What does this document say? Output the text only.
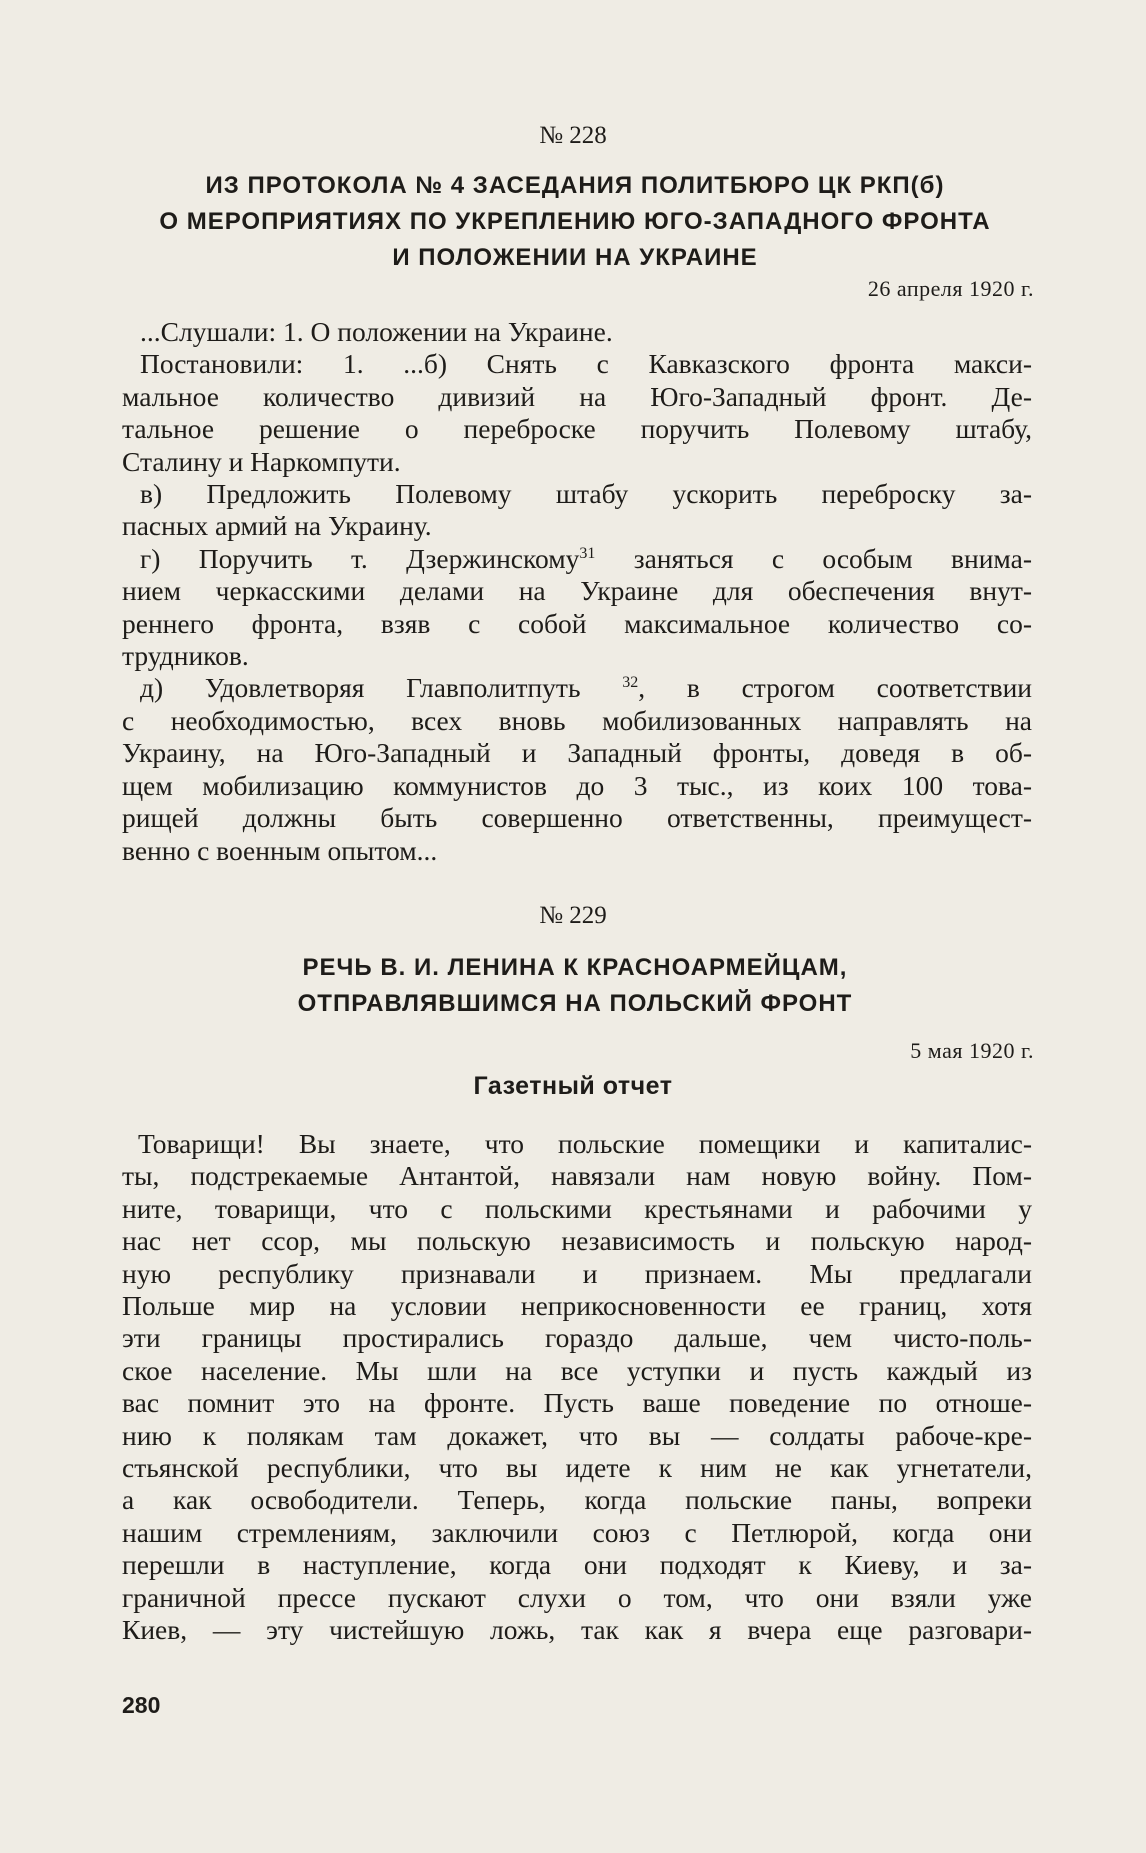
№ 228
ИЗ ПРОТОКОЛА № 4 ЗАСЕДАНИЯ ПОЛИТБЮРО ЦК РКП(б)
О МЕРОПРИЯТИЯХ ПО УКРЕПЛЕНИЮ ЮГО-ЗАПАДНОГО ФРОНТА
И ПОЛОЖЕНИИ НА УКРАИНЕ
26 апреля 1920 г.
...Слушали: 1. О положении на Украине.
Постановили: 1. ...б) Снять с Кавказского фронта макси-
мальное количество дивизий на Юго-Западный фронт. Де-
тальное решение о переброске поручить Полевому штабу,
Сталину и Наркомпути.
в) Предложить Полевому штабу ускорить переброску за-
пасных армий на Украину.
г) Поручить т. Дзержинскому$^{31}$ заняться с особым внима-
нием черкасскими делами на Украине для обеспечения внут-
реннего фронта, взяв с собой максимальное количество со-
трудников.
д) Удовлетворяя Главполитпуть	$^{32}$, в строгом соответствии
с необходимостью, всех вновь мобилизованных направлять на
Украину, на Юго-Западный и Западный фронты, доведя в об-
щем мобилизацию коммунистов до 3 тыс., из коих 100 това-
рищей должны быть совершенно ответственны, преимущест-
венно с военным опытом...
№ 229
РЕЧЬ В. И. ЛЕНИНА К КРАСНОАРМЕЙЦАМ,
ОТПРАВЛЯВШИМСЯ НА ПОЛЬСКИЙ ФРОНТ
5 мая 1920 г.
Газетный отчет
Товарищи! Вы знаете, что польские помещики и капиталис-
ты, подстрекаемые Антантой, навязали нам новую войну. Пом-
ните, товарищи, что с польскими крестьянами и рабочими у
нас нет ссор, мы польскую независимость и польскую народ-
ную республику признавали и признаем. Мы предлагали
Польше мир на условии неприкосновенности ее границ, хотя
эти границы простирались гораздо дальше, чем чисто-поль-
ское население. Мы шли на все уступки и пусть каждый из
вас помнит это на фронте. Пусть ваше поведение по отноше-
нию к полякам там докажет, что вы — солдаты рабоче-кре-
стьянской республики, что вы идете к ним не как угнетатели,
а как освободители. Теперь, когда польские паны, вопреки
нашим стремлениям, заключили союз с Петлюрой, когда они
перешли в наступление, когда они подходят к Киеву, и за-
граничной прессе пускают слухи о том, что они взяли уже
Киев, — эту чистейшую ложь, так как я вчера еще разговари-
280
